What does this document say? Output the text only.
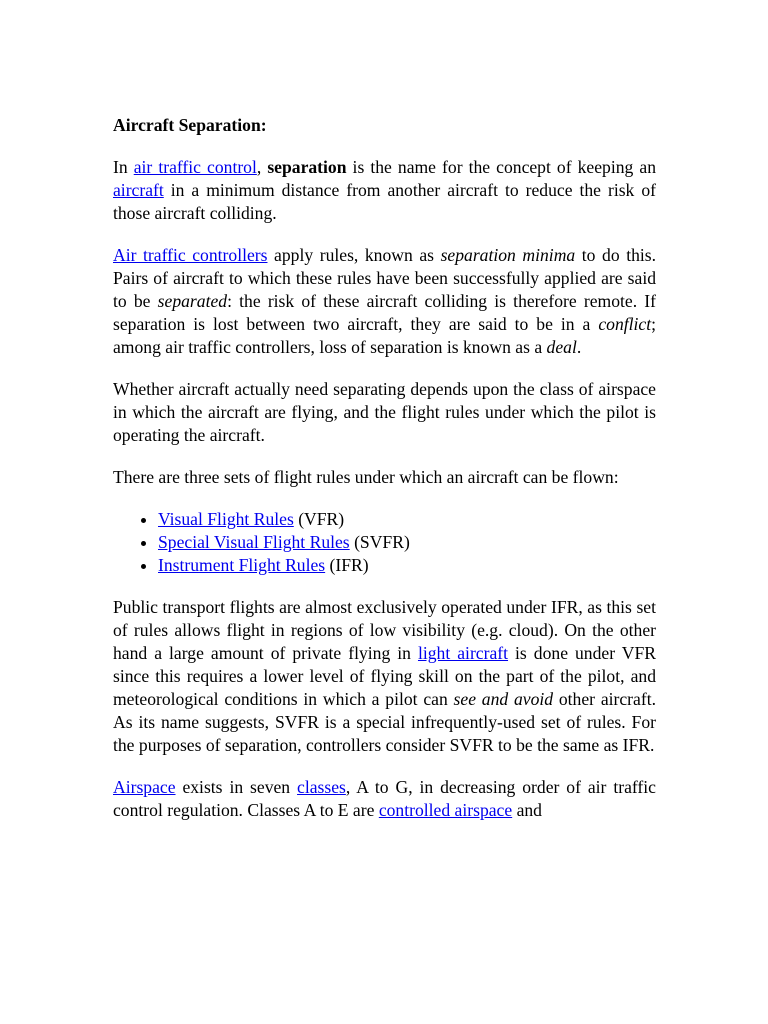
Aircraft Separation:

In air traffic control, separation is the name for the concept of keeping an aircraft in a minimum distance from another aircraft to reduce the risk of those aircraft colliding.

Air traffic controllers apply rules, known as separation minima to do this. Pairs of aircraft to which these rules have been successfully applied are said to be separated: the risk of these aircraft colliding is therefore remote. If separation is lost between two aircraft, they are said to be in a conflict; among air traffic controllers, loss of separation is known as a deal.

Whether aircraft actually need separating depends upon the class of airspace in which the aircraft are flying, and the flight rules under which the pilot is operating the aircraft.

There are three sets of flight rules under which an aircraft can be flown:

• Visual Flight Rules (VFR)
• Special Visual Flight Rules (SVFR)
• Instrument Flight Rules (IFR)

Public transport flights are almost exclusively operated under IFR, as this set of rules allows flight in regions of low visibility (e.g. cloud). On the other hand a large amount of private flying in light aircraft is done under VFR since this requires a lower level of flying skill on the part of the pilot, and meteorological conditions in which a pilot can see and avoid other aircraft. As its name suggests, SVFR is a special infrequently-used set of rules. For the purposes of separation, controllers consider SVFR to be the same as IFR.

Airspace exists in seven classes, A to G, in decreasing order of air traffic control regulation. Classes A to E are controlled airspace and
